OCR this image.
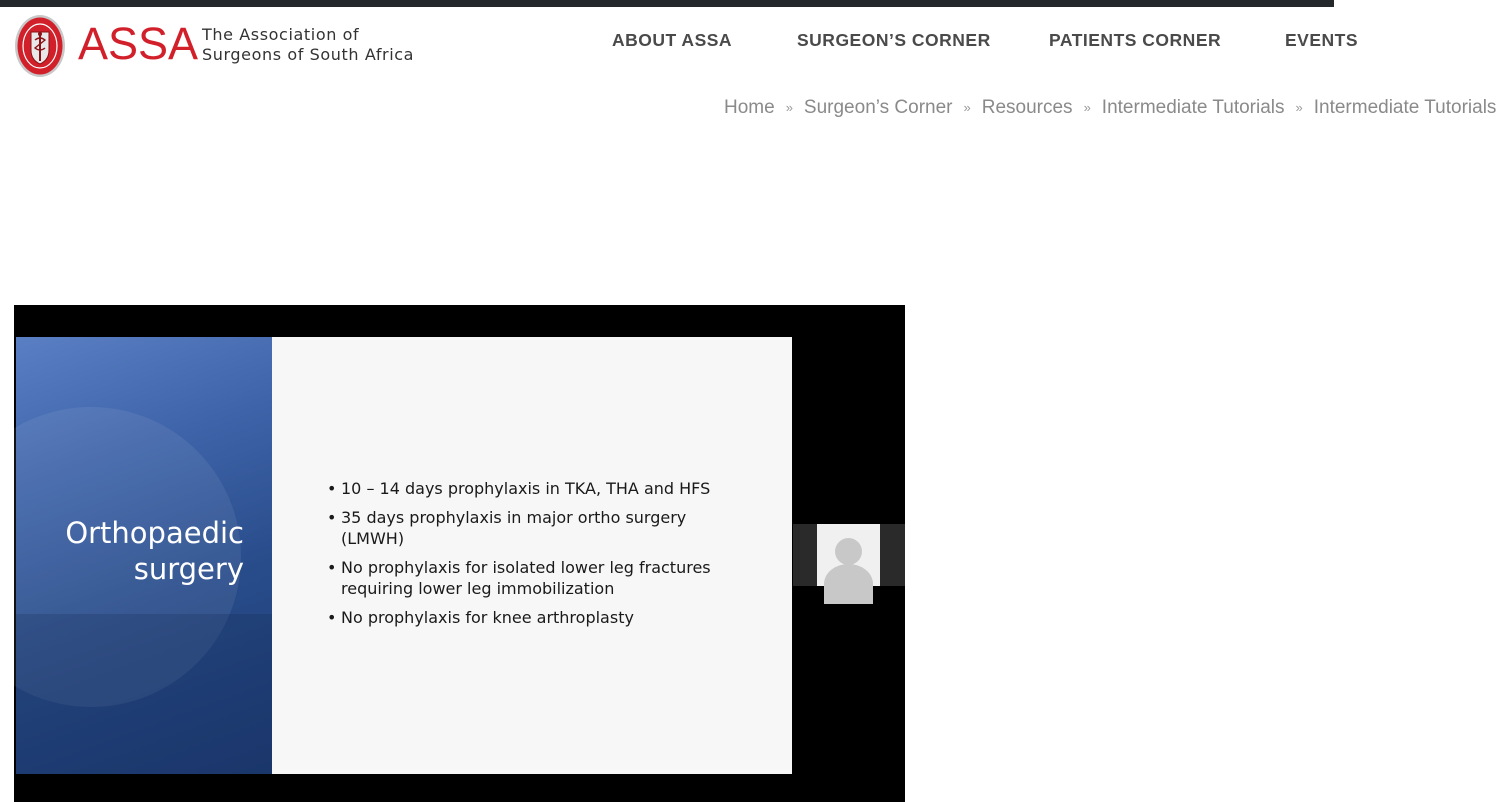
ASSA The Association of
Surgeons of South Africa
ABOUT ASSA	SURGEON’S CORNER	PATIENTS CORNER	EVENTS
Home » Surgeon’s Corner » Resources » Intermediate Tutorials » Intermediate Tutorials
Orthopaedic
surgery
• 10 – 14 days prophylaxis in TKA, THA and HFS
• 35 days prophylaxis in major ortho surgery (LMWH)
• No prophylaxis for isolated lower leg fractures requiring lower leg immobilization
• No prophylaxis for knee arthroplasty
